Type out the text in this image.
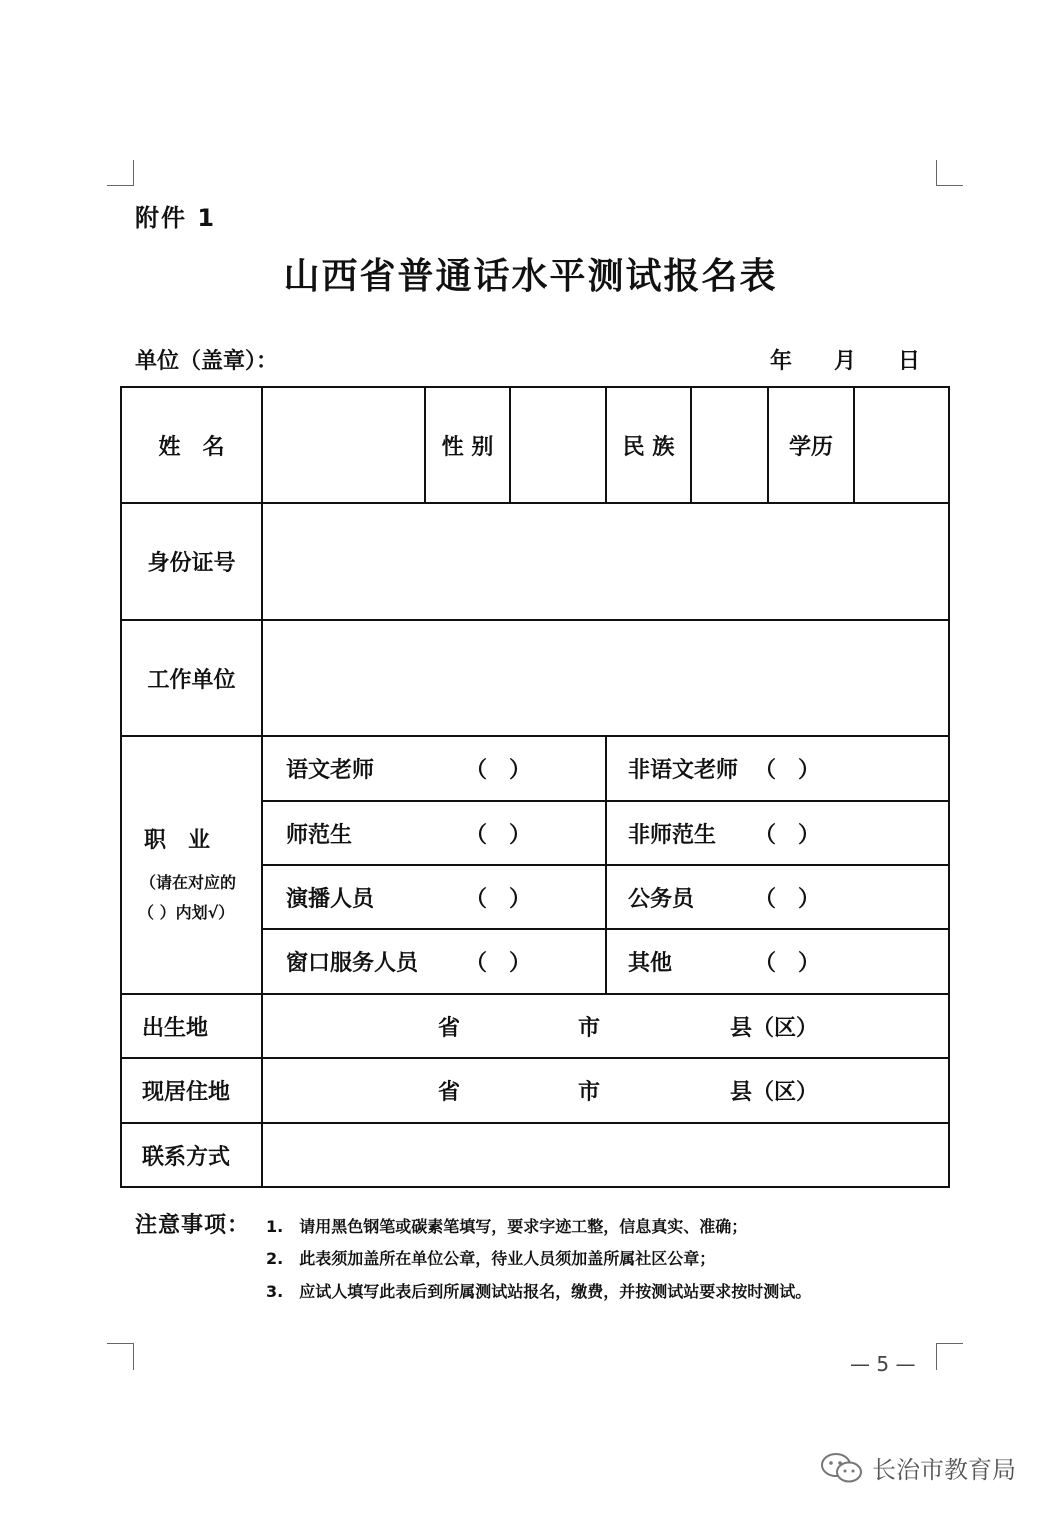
附件 1
山西省普通话水平测试报名表
单位（盖章）：	年 月 日
姓　名	性 别	民 族	学历
身份证号
工作单位
职　业
（请在对应的
（ ）内划√）
语文老师	（　）	非语文老师 （　）
师范生	（　）	非师范生 （　）
演播人员	（　）	公务员	（　）
窗口服务人员 （　）	其他	（　）
出生地	省	市	县（区）
现居住地	省	市	县（区）
联系方式
注意事项： 1.　请用黑色钢笔或碳素笔填写，要求字迹工整，信息真实、准确；
2.　此表须加盖所在单位公章，待业人员须加盖所属社区公章；
3.　应试人填写此表后到所属测试站报名，缴费，并按测试站要求按时测试。
— 5 —
长治市教育局
